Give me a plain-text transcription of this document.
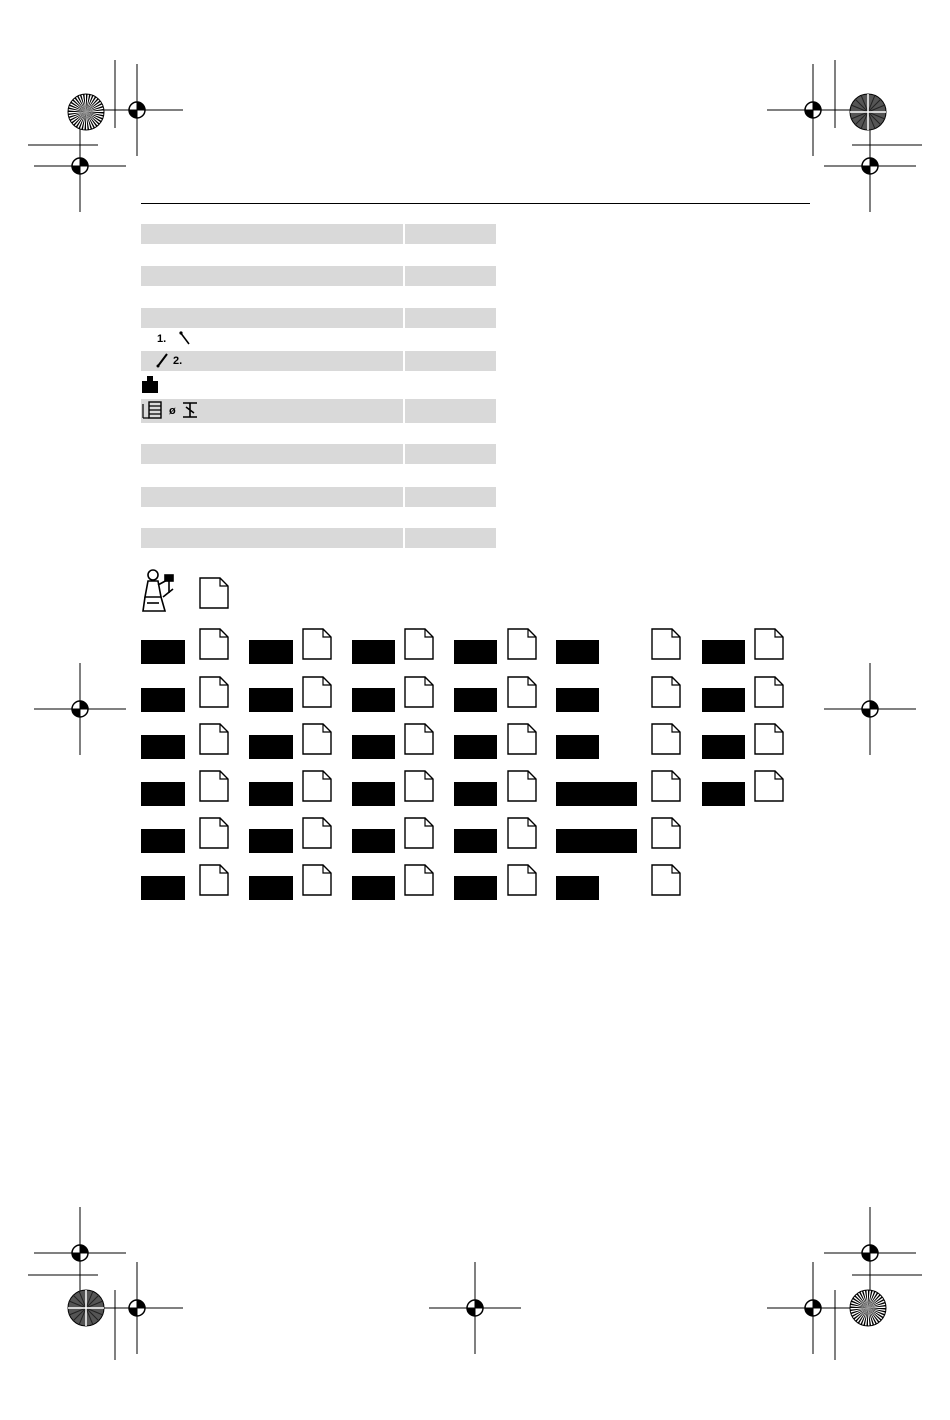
1.
2.
ø
